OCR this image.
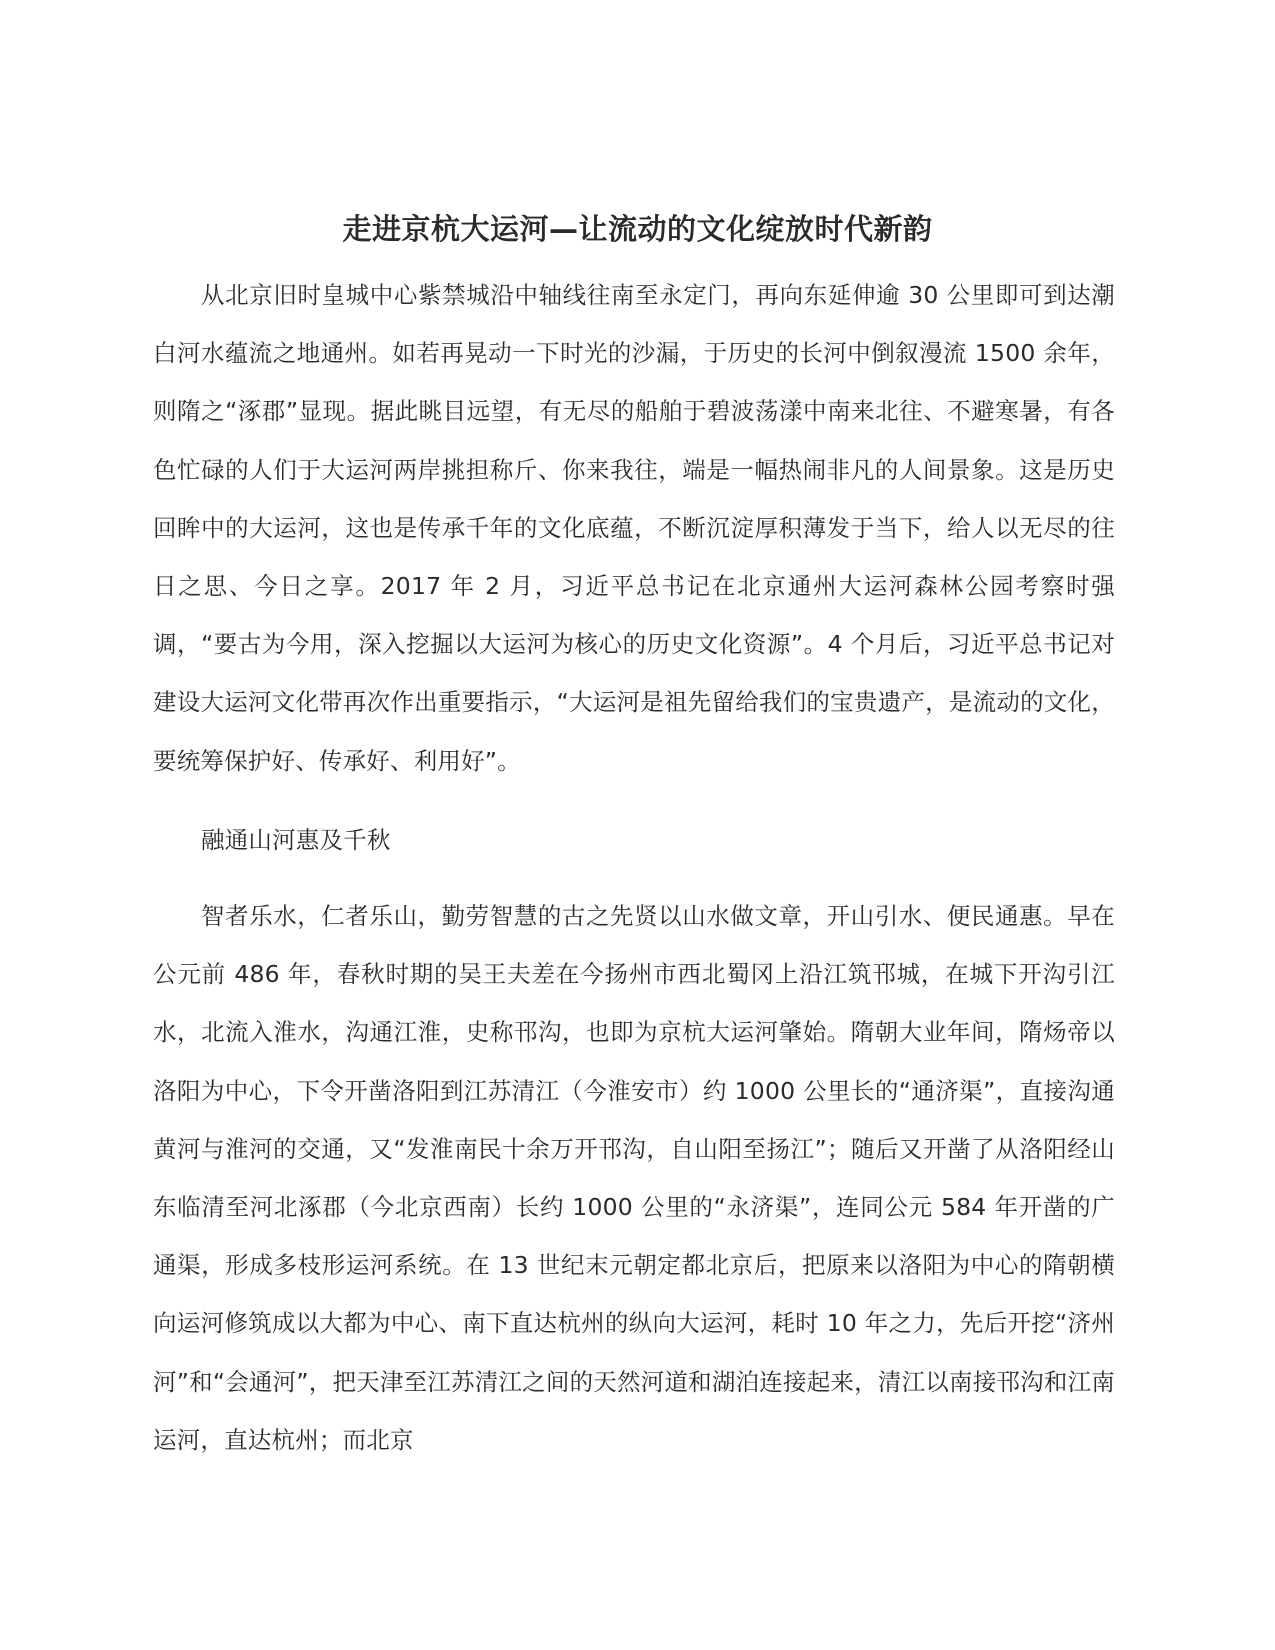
走进京杭大运河—让流动的文化绽放时代新韵

从北京旧时皇城中心紫禁城沿中轴线往南至永定门，再向东延伸逾 30 公里即可到达潮白河水蕴流之地通州。如若再晃动一下时光的沙漏，于历史的长河中倒叙漫流 1500 余年，则隋之“涿郡”显现。据此眺目远望，有无尽的船舶于碧波荡漾中南来北往、不避寒暑，有各色忙碌的人们于大运河两岸挑担称斤、你来我往，端是一幅热闹非凡的人间景象。这是历史回眸中的大运河，这也是传承千年的文化底蕴，不断沉淀厚积薄发于当下，给人以无尽的往日之思、今日之享。2017 年 2 月，习近平总书记在北京通州大运河森林公园考察时强调，“要古为今用，深入挖掘以大运河为核心的历史文化资源”。4 个月后，习近平总书记对建设大运河文化带再次作出重要指示，“大运河是祖先留给我们的宝贵遗产，是流动的文化，要统筹保护好、传承好、利用好”。

融通山河惠及千秋

智者乐水，仁者乐山，勤劳智慧的古之先贤以山水做文章，开山引水、便民通惠。早在公元前 486 年，春秋时期的吴王夫差在今扬州市西北蜀冈上沿江筑邗城，在城下开沟引江水，北流入淮水，沟通江淮，史称邗沟，也即为京杭大运河肇始。隋朝大业年间，隋炀帝以洛阳为中心，下令开凿洛阳到江苏清江（今淮安市）约 1000 公里长的“通济渠”，直接沟通黄河与淮河的交通，又“发淮南民十余万开邗沟，自山阳至扬江”；随后又开凿了从洛阳经山东临清至河北涿郡（今北京西南）长约 1000 公里的“永济渠”，连同公元 584 年开凿的广通渠，形成多枝形运河系统。在 13 世纪末元朝定都北京后，把原来以洛阳为中心的隋朝横向运河修筑成以大都为中心、南下直达杭州的纵向大运河，耗时 10 年之力，先后开挖“济州河”和“会通河”，把天津至江苏清江之间的天然河道和湖泊连接起来，清江以南接邗沟和江南运河，直达杭州；而北京
